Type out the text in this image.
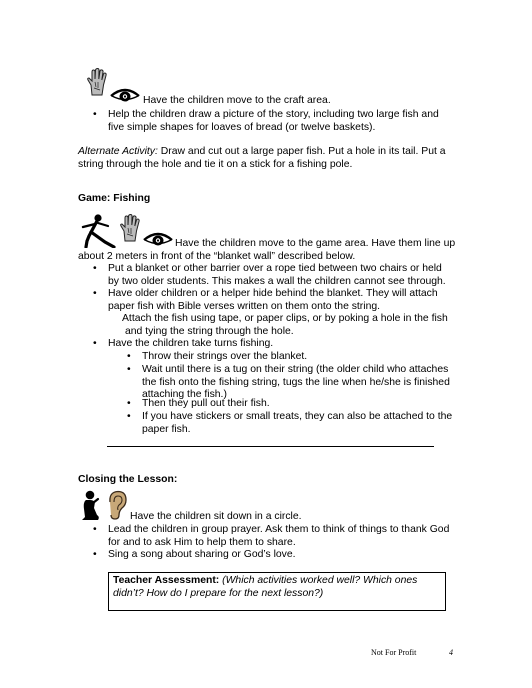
Have the children move to the craft area.
• Help the children draw a picture of the story, including two large fish and five simple shapes for loaves of bread (or twelve baskets).
Alternate Activity: Draw and cut out a large paper fish. Put a hole in its tail. Put a string through the hole and tie it on a stick for a fishing pole.
Game: Fishing
Have the children move to the game area. Have them line up about 2 meters in front of the “blanket wall” described below.
• Put a blanket or other barrier over a rope tied between two chairs or held by two older students. This makes a wall the children cannot see through.
• Have older children or a helper hide behind the blanket. They will attach paper fish with Bible verses written on them onto the string.
Attach the fish using tape, or paper clips, or by poking a hole in the fish and tying the string through the hole.
• Have the children take turns fishing.
• Throw their strings over the blanket.
• Wait until there is a tug on their string (the older child who attaches the fish onto the fishing string, tugs the line when he/she is finished attaching the fish.)
• Then they pull out their fish.
• If you have stickers or small treats, they can also be attached to the paper fish.
Closing the Lesson:
Have the children sit down in a circle.
• Lead the children in group prayer. Ask them to think of things to thank God for and to ask Him to help them to share.
• Sing a song about sharing or God’s love.
Teacher Assessment: (Which activities worked well? Which ones didn’t? How do I prepare for the next lesson?)
Not For Profit	4
